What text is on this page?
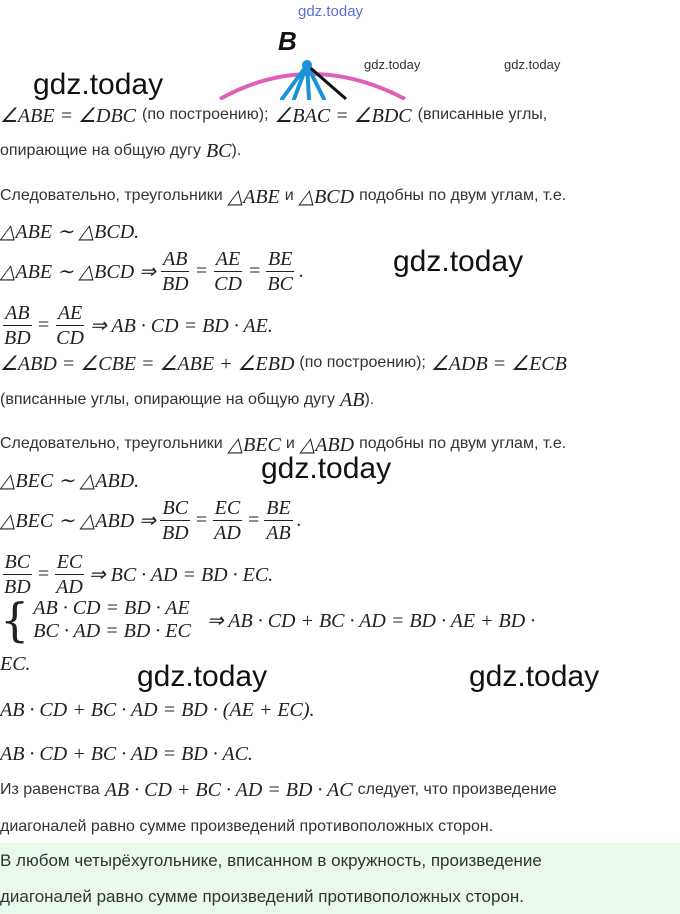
gdz.today
B
gdz.today	gdz.today
gdz.today
∠ABE = ∠DBC (по построению); ∠BAC = ∠BDC (вписанные углы,
опирающие на общую дугу BC ).
Следовательно, треугольники △ABE и △BCD подобны по двум углам, т.е.
△ABE ∼ △BCD.
△ABE ∼ △BCD ⇒ $\frac{AB}{BD} = \frac{AE}{CD} = \frac{BE}{BC}$ .	gdz.today
$\frac{AB}{BD} = \frac{AE}{CD}$ ⇒ AB · CD = BD · AE.
∠ABD = ∠CBE = ∠ABE + ∠EBD (по построению); ∠ADB = ∠ECB
(вписанные углы, опирающие на общую дугу AB ).
Следовательно, треугольники △BEC и △ABD подобны по двум углам, т.е.
gdz.today
△BEC ∼ △ABD.
△BEC ∼ △ABD ⇒ $\frac{BC}{BD} = \frac{EC}{AD} = \frac{BE}{AB}$ .
$\frac{BC}{BD} = \frac{EC}{AD}$ ⇒ BC · AD = BD · EC.
{ AB · CD = BD · AE
BC · AD = BD · EC ⇒ AB · CD + BC · AD = BD · AE + BD ·
EC.	gdz.today	gdz.today
AB · CD + BC · AD = BD · (AE + EC).
AB · CD + BC · AD = BD · AC.
Из равенства AB · CD + BC · AD = BD · AC следует, что произведение
диагоналей равно сумме произведений противоположных сторон.
В любом четырёхугольнике, вписанном в окружность, произведение
диагоналей равно сумме произведений противоположных сторон.
